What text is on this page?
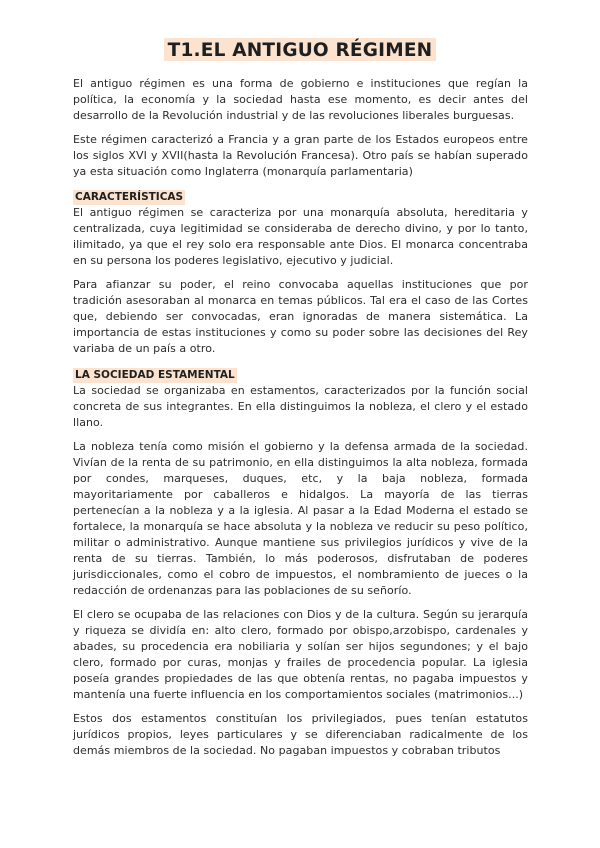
T1.EL ANTIGUO RÉGIMEN

El antiguo régimen es una forma de gobierno e instituciones que regían la política, la economía y la sociedad hasta ese momento, es decir antes del desarrollo de la Revolución industrial y de las revoluciones liberales burguesas.

Este régimen caracterizó a Francia y a gran parte de los Estados europeos entre los siglos XVI y XVII(hasta la Revolución Francesa). Otro país se habían superado ya esta situación como Inglaterra (monarquía parlamentaria)

CARACTERÍSTICAS

El antiguo régimen se caracteriza por una monarquía absoluta, hereditaria y centralizada, cuya legitimidad se consideraba de derecho divino, y por lo tanto, ilimitado, ya que el rey solo era responsable ante Dios. El monarca concentraba en su persona los poderes legislativo, ejecutivo y judicial.

Para afianzar su poder, el reino convocaba aquellas instituciones que por tradición asesoraban al monarca en temas públicos. Tal era el caso de las Cortes que, debiendo ser convocadas, eran ignoradas de manera sistemática. La importancia de estas instituciones y como su poder sobre las decisiones del Rey variaba de un país a otro.

LA SOCIEDAD ESTAMENTAL

La sociedad se organizaba en estamentos, caracterizados por la función social concreta de sus integrantes. En ella distinguimos la nobleza, el clero y el estado llano.

La nobleza tenía como misión el gobierno y la defensa armada de la sociedad. Vivían de la renta de su patrimonio, en ella distinguimos la alta nobleza, formada por condes, marqueses, duques, etc, y la baja nobleza, formada mayoritariamente por caballeros e hidalgos. La mayoría de las tierras pertenecían a la nobleza y a la iglesia. Al pasar a la Edad Moderna el estado se fortalece, la monarquía se hace absoluta y la nobleza ve reducir su peso político, militar o administrativo. Aunque mantiene sus privilegios jurídicos y vive de la renta de su tierras. También, lo más poderosos, disfrutaban de poderes jurisdiccionales, como el cobro de impuestos, el nombramiento de jueces o la redacción de ordenanzas para las poblaciones de su señorío.

El clero se ocupaba de las relaciones con Dios y de la cultura. Según su jerarquía y riqueza se dividía en: alto clero, formado por obispo,arzobispo, cardenales y abades, su procedencia era nobiliaria y solían ser hijos segundones; y el bajo clero, formado por curas, monjas y frailes de procedencia popular. La iglesia poseía grandes propiedades de las que obtenía rentas, no pagaba impuestos y mantenía una fuerte influencia en los comportamientos sociales (matrimonios...)

Estos dos estamentos constituían los privilegiados, pues tenían estatutos jurídicos propios, leyes particulares y se diferenciaban radicalmente de los demás miembros de la sociedad. No pagaban impuestos y cobraban tributos
